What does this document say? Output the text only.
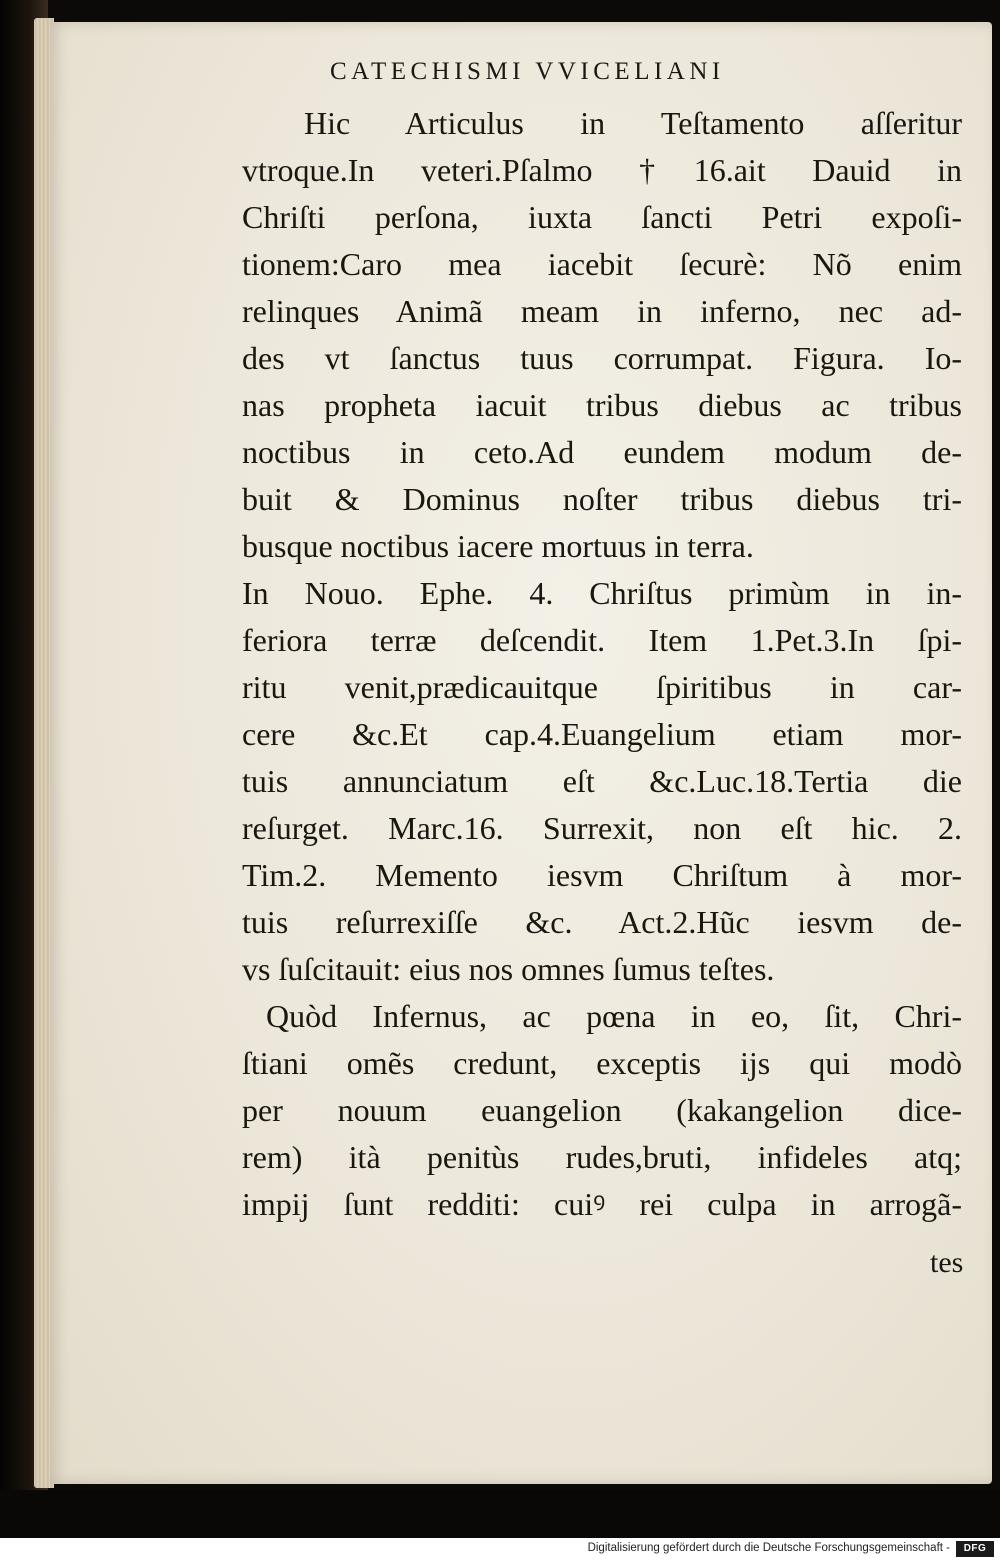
CATECHISMI VVICELIANI
Hic Articulus in Teſtamento aſſeritur
vtroque.In veteri.Pſalmo †16.ait Dauid in
Chriſti perſona, iuxta ſancti Petri expoſi-
tionem:Caro mea iacebit ſecurè: Nõ enim
relinques Animã meam in inferno, nec ad-
des vt ſanctus tuus corrumpat. Figura. Io-
nas propheta iacuit tribus diebus ac tribus
noctibus in ceto.Ad eundem modum de-
buit & Dominus noſter tribus diebus tri-
busque noctibus iacere mortuus in terra.
In Nouo. Ephe. 4. Chriſtus primùm in in-
feriora terræ deſcendit. Item 1.Pet.3.In ſpi-
ritu venit,prædicauitque ſpiritibus in car-
cere &c.Et cap.4.Euangelium etiam mor-
tuis annunciatum eſt &c.Luc.18.Tertia die
reſurget. Marc.16. Surrexit, non eſt hic. 2.
Tim.2. Memento iesvm Chriſtum à mor-
tuis reſurrexiſſe &c. Act.2.Hũc iesvm de-
vs ſuſcitauit: eius nos omnes ſumus teſtes.
Quòd Infernus, ac pœna in eo, ſit, Chri-
ſtiani omẽs credunt, exceptis ijs qui modò
per nouum euangelion (kakangelion dice-
rem) ità penitùs rudes,bruti, infideles atq;
impij ſunt redditi: cuiꝰ rei culpa in arrogã-
tes
Digitalisierung gefördert durch die Deutsche Forschungsgemeinschaft -	DFG
